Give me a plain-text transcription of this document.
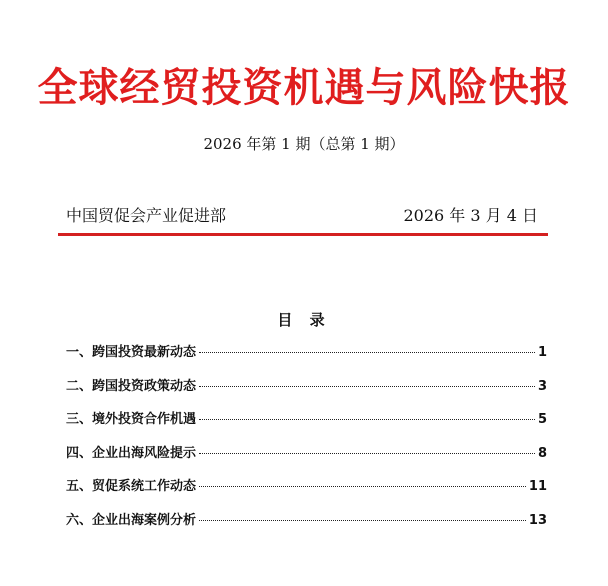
全球经贸投资机遇与风险快报
2026 年第 1 期（总第 1 期）
中国贸促会产业促进部	2026 年 3 月 4 日
目 录
一、 跨国投资最新动态	1
二、 跨国投资政策动态	3
三、 境外投资合作机遇	5
四、 企业出海风险提示	8
五、 贸促系统工作动态	11
六、 企业出海案例分析	13
